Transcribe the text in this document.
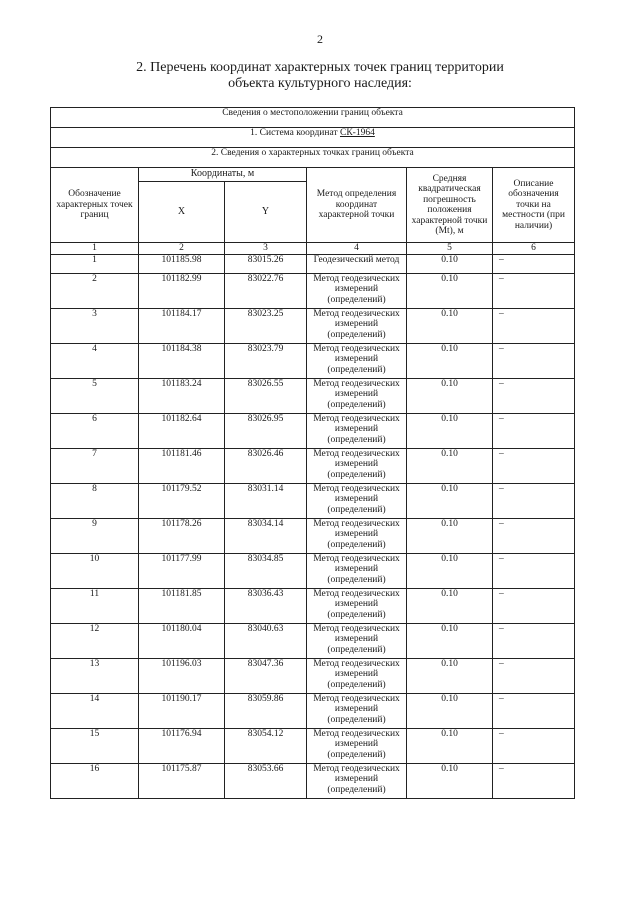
2
2. Перечень координат характерных точек границ территории
объекта культурного наследия:
Сведения о местоположении границ объекта					
1. Система координат СК-1964					
2. Сведения о характерных точках границ объекта					
Обозначение характерных точек границ	Координаты, м		Метод определения координат характерной точки	Средняя квадратическая погрешность положения характерной точки (Mt), м	Описание обозначения точки на местности (при наличии)
	X	Y			
1	2	3	4	5	6
1	101185.98	83015.26	Геодезический метод	0.10	–
2	101182.99	83022.76	Метод геодезических измерений (определений)	0.10	–
3	101184.17	83023.25	Метод геодезических измерений (определений)	0.10	–
4	101184.38	83023.79	Метод геодезических измерений (определений)	0.10	–
5	101183.24	83026.55	Метод геодезических измерений (определений)	0.10	–
6	101182.64	83026.95	Метод геодезических измерений (определений)	0.10	–
7	101181.46	83026.46	Метод геодезических измерений (определений)	0.10	–
8	101179.52	83031.14	Метод геодезических измерений (определений)	0.10	–
9	101178.26	83034.14	Метод геодезических измерений (определений)	0.10	–
10	101177.99	83034.85	Метод геодезических измерений (определений)	0.10	–
11	101181.85	83036.43	Метод геодезических измерений (определений)	0.10	–
12	101180.04	83040.63	Метод геодезических измерений (определений)	0.10	–
13	101196.03	83047.36	Метод геодезических измерений (определений)	0.10	–
14	101190.17	83059.86	Метод геодезических измерений (определений)	0.10	–
15	101176.94	83054.12	Метод геодезических измерений (определений)	0.10	–
16	101175.87	83053.66	Метод геодезических измерений (определений)	0.10	–
